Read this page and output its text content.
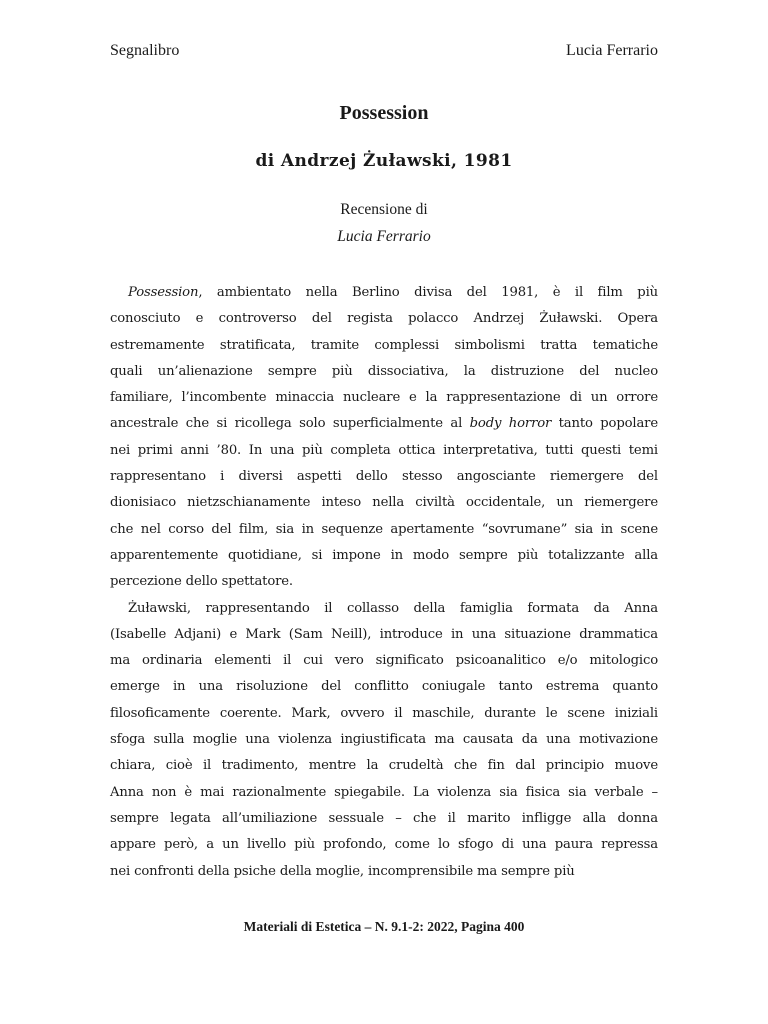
Segnalibro	Lucia Ferrario
Possession
di Andrzej Żuławski, 1981
Recensione di
Lucia Ferrario
Possession, ambientato nella Berlino divisa del 1981, è il film più
conosciuto e controverso del regista polacco Andrzej Żuławski. Opera
estremamente stratificata, tramite complessi simbolismi tratta tematiche
quali un’alienazione sempre più dissociativa, la distruzione del nucleo
familiare, l’incombente minaccia nucleare e la rappresentazione di un orrore
ancestrale che si ricollega solo superficialmente al body horror tanto popolare
nei primi anni ’80. In una più completa ottica interpretativa, tutti questi temi
rappresentano i diversi aspetti dello stesso angosciante riemergere del
dionisiaco nietzschianamente inteso nella civiltà occidentale, un riemergere
che nel corso del film, sia in sequenze apertamente “sovrumane” sia in scene
apparentemente quotidiane, si impone in modo sempre più totalizzante alla
percezione dello spettatore.
Żuławski, rappresentando il collasso della famiglia formata da Anna
(Isabelle Adjani) e Mark (Sam Neill), introduce in una situazione drammatica
ma ordinaria elementi il cui vero significato psicoanalitico e/o mitologico
emerge in una risoluzione del conflitto coniugale tanto estrema quanto
filosoficamente coerente. Mark, ovvero il maschile, durante le scene iniziali
sfoga sulla moglie una violenza ingiustificata ma causata da una motivazione
chiara, cioè il tradimento, mentre la crudeltà che fin dal principio muove
Anna non è mai razionalmente spiegabile. La violenza sia fisica sia verbale –
sempre legata all’umiliazione sessuale – che il marito infligge alla donna
appare però, a un livello più profondo, come lo sfogo di una paura repressa
nei confronti della psiche della moglie, incomprensibile ma sempre più
Materiali di Estetica – N. 9.1-2: 2022, Pagina 400
